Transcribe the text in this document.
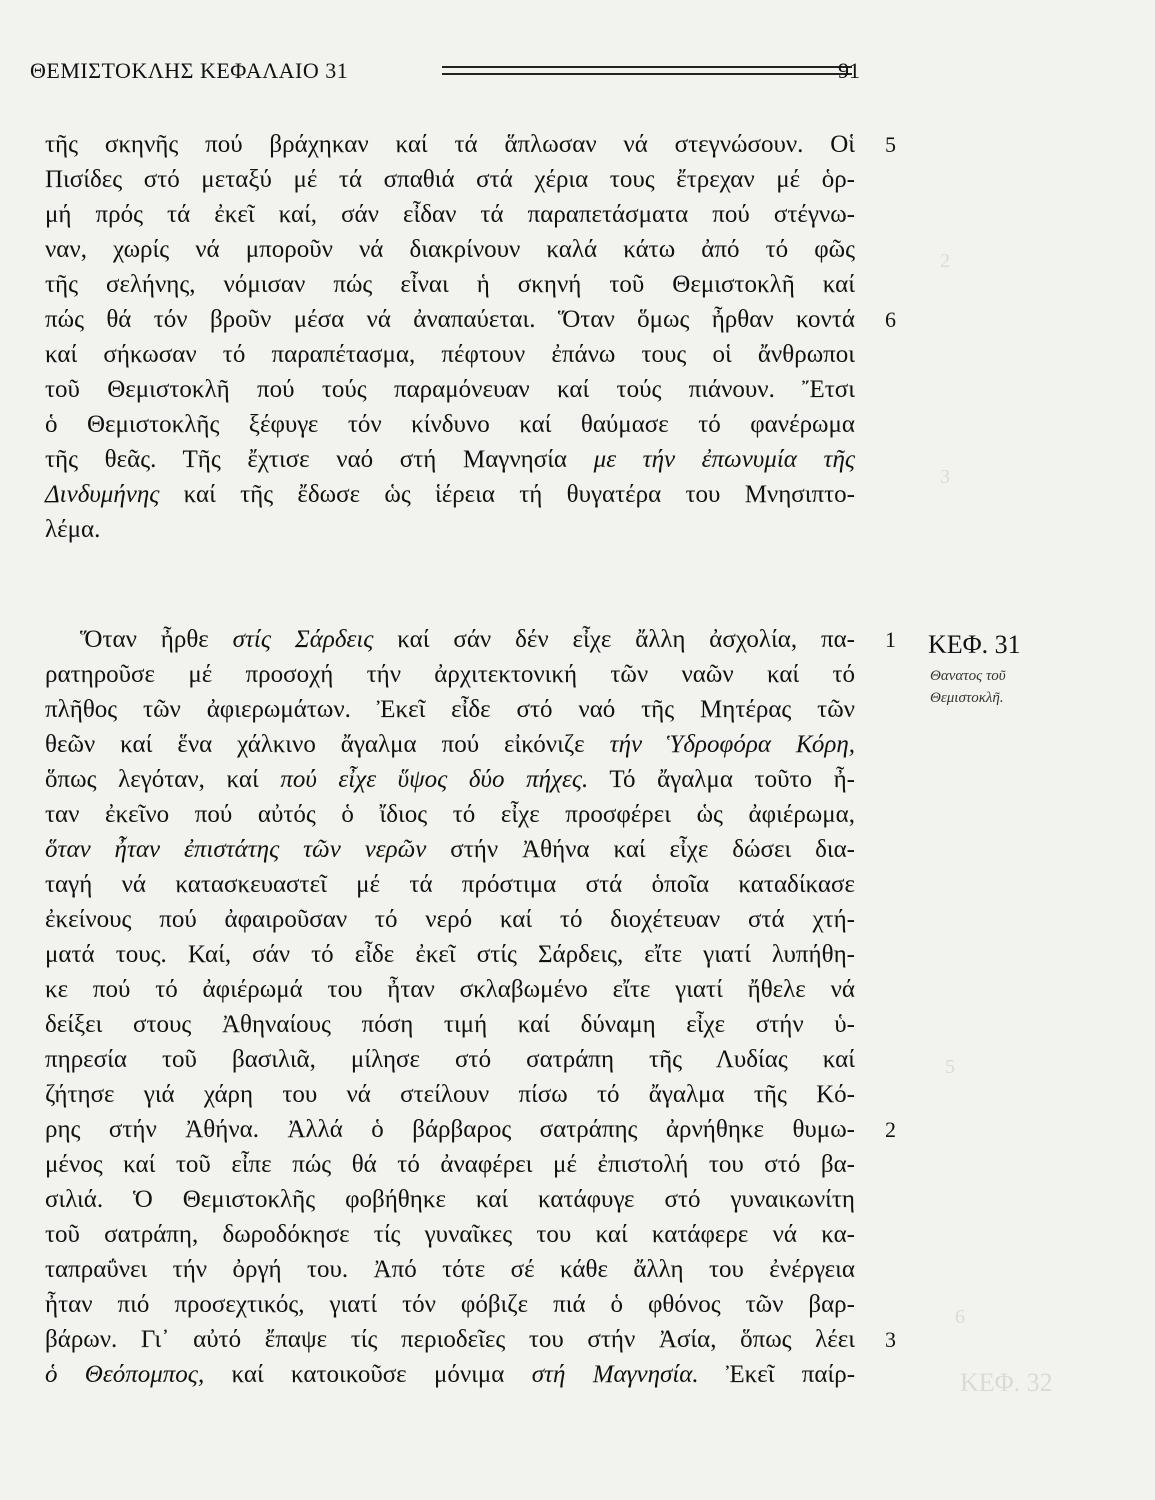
ΘΕΜΙΣΤΟΚΛΗΣ ΚΕΦΑΛΑΙΟ 31	91
ΚΕΦ. 32
2
3
5
6
τῆς σκηνῆς πού βράχηκαν καί τά ἅπλωσαν νά στεγνώσουν. Οἱ
Πισίδες στό μεταξύ μέ τά σπαθιά στά χέρια τους ἔτρεχαν μέ ὁρ-
μή πρός τά ἐκεῖ καί, σάν εἶδαν τά παραπετάσματα πού στέγνω-
ναν, χωρίς νά μποροῦν νά διακρίνουν καλά κάτω ἀπό τό φῶς
τῆς σελήνης, νόμισαν πώς εἶναι ἡ σκηνή τοῦ Θεμιστοκλῆ καί
πώς θά τόν βροῦν μέσα νά ἀναπαύεται. Ὅταν ὅμως ἦρθαν κοντά
καί σήκωσαν τό παραπέτασμα, πέφτουν ἐπάνω τους οἱ ἄνθρωποι
τοῦ Θεμιστοκλῆ πού τούς παραμόνευαν καί τούς πιάνουν. Ἔτσι
ὁ Θεμιστοκλῆς ξέφυγε τόν κίνδυνο καί θαύμασε τό φανέρωμα
τῆς θεᾶς. Τῆς ἔχτισε ναό στή Μαγνησία με τήν ἐπωνυμία τῆς
Δινδυμήνης καί τῆς ἔδωσε ὡς ἱέρεια τή θυγατέρα του Μνησιπτο-
λέμα.
Ὅταν ἦρθε στίς Σάρδεις καί σάν δέν εἶχε ἄλλη ἀσχολία, πα-
ρατηροῦσε μέ προσοχή τήν ἀρχιτεκτονική τῶν ναῶν καί τό
πλῆθος τῶν ἀφιερωμάτων. Ἐκεῖ εἶδε στό ναό τῆς Μητέρας τῶν
θεῶν καί ἕνα χάλκινο ἄγαλμα πού εἰκόνιζε τήν Ὑδροφόρα Κόρη,
ὅπως λεγόταν, καί πού εἶχε ὕψος δύο πήχες. Τό ἄγαλμα τοῦτο ἦ-
ταν ἐκεῖνο πού αὐτός ὁ ἴδιος τό εἶχε προσφέρει ὡς ἀφιέρωμα,
ὅταν ἦταν ἐπιστάτης τῶν νερῶν στήν Ἀθήνα καί εἶχε δώσει δια-
ταγή νά κατασκευαστεῖ μέ τά πρόστιμα στά ὁποῖα καταδίκασε
ἐκείνους πού ἀφαιροῦσαν τό νερό καί τό διοχέτευαν στά χτή-
ματά τους. Καί, σάν τό εἶδε ἐκεῖ στίς Σάρδεις, εἴτε γιατί λυπήθη-
κε πού τό ἀφιέρωμά του ἦταν σκλαβωμένο εἴτε γιατί ἤθελε νά
δείξει στους Ἀθηναίους πόση τιμή καί δύναμη εἶχε στήν ὑ-
πηρεσία τοῦ βασιλιᾶ, μίλησε στό σατράπη τῆς Λυδίας καί
ζήτησε γιά χάρη του νά στείλουν πίσω τό ἄγαλμα τῆς Κό-
ρης στήν Ἀθήνα. Ἀλλά ὁ βάρβαρος σατράπης ἀρνήθηκε θυμω-
μένος καί τοῦ εἶπε πώς θά τό ἀναφέρει μέ ἐπιστολή του στό βα-
σιλιά. Ὁ Θεμιστοκλῆς φοβήθηκε καί κατάφυγε στό γυναικωνίτη
τοῦ σατράπη, δωροδόκησε τίς γυναῖκες του καί κατάφερε νά κα-
ταπραΰνει τήν ὀργή του. Ἀπό τότε σέ κάθε ἄλλη του ἐνέργεια
ἦταν πιό προσεχτικός, γιατί τόν φόβιζε πιά ὁ φθόνος τῶν βαρ-
βάρων. Γι᾿ αὐτό ἔπαψε τίς περιοδεῖες του στήν Ἀσία, ὅπως λέει
ὁ Θεόπομπος, καί κατοικοῦσε μόνιμα στή Μαγνησία. Ἐκεῖ παίρ-
5
6
1
2
3
ΚΕΦ. 31
Θανατος τοῦ
Θεμιστοκλῆ.
